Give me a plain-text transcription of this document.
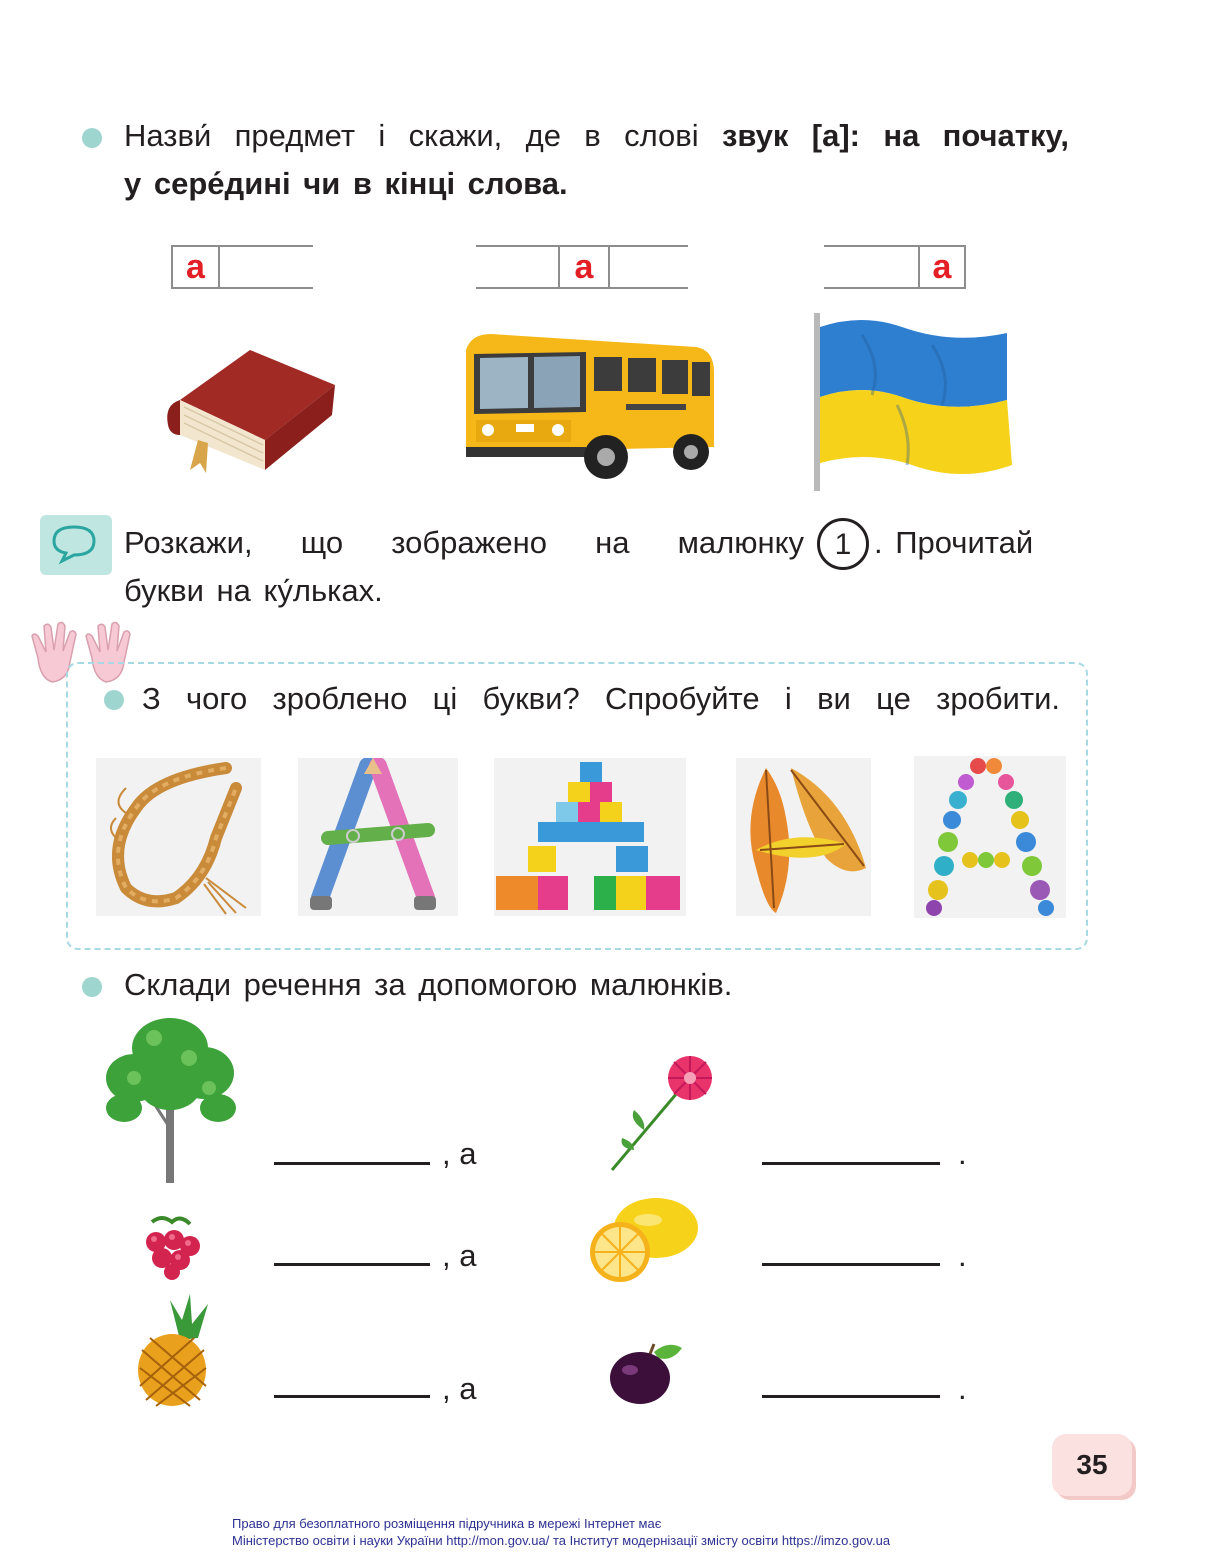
Назви́ предмет і скажи, де в слові звук [а]: на початку,
у сере́дині чи в кінці слова.
а	а	а
Розкажи, що зображено на малюнку	1 . Прочитай
букви на ку́льках.
З чого зроблено ці букви? Спробуйте і ви це зробити.
Склади речення за допомогою малюнків.
, а	.
, а	.
, а	.
35
Право для безоплатного розміщення підручника в мережі Інтернет має
Міністерство освіти і науки України http://mon.gov.ua/ та Інститут модернізації змісту освіти https://imzo.gov.ua
